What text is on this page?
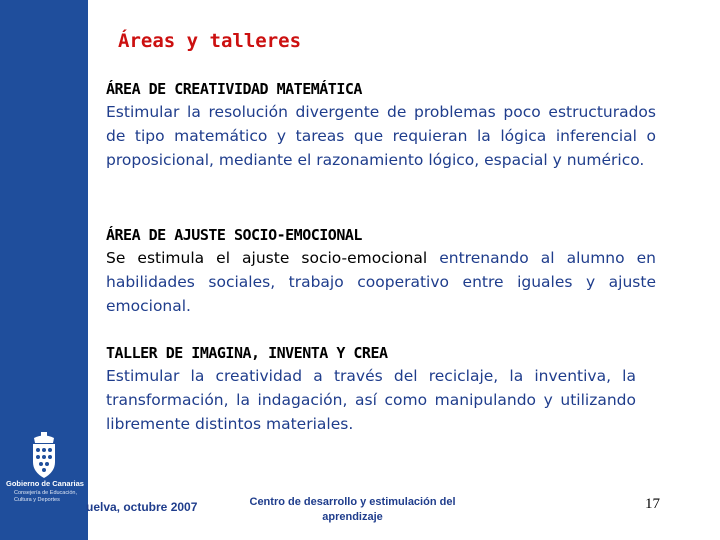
Gobierno de Canarias
Consejería de Educación, Cultura y Deportes
Áreas y talleres
ÁREA DE CREATIVIDAD MATEMÁTICA
Estimular la resolución divergente de problemas poco estructurados de tipo matemático y tareas que requieran la lógica inferencial o proposicional, mediante el razonamiento lógico, espacial y numérico.
ÁREA DE AJUSTE SOCIO-EMOCIONAL
Se estimula el ajuste socio-emocional entrenando al alumno en habilidades sociales, trabajo cooperativo entre iguales y ajuste emocional.
TALLER DE IMAGINA, INVENTA Y CREA
Estimular la creatividad a través del reciclaje, la inventiva, la transformación, la indagación, así como manipulando y utilizando libremente distintos materiales.
uelva, octubre 2007	Centro de desarrollo y estimulación del aprendizaje
17
